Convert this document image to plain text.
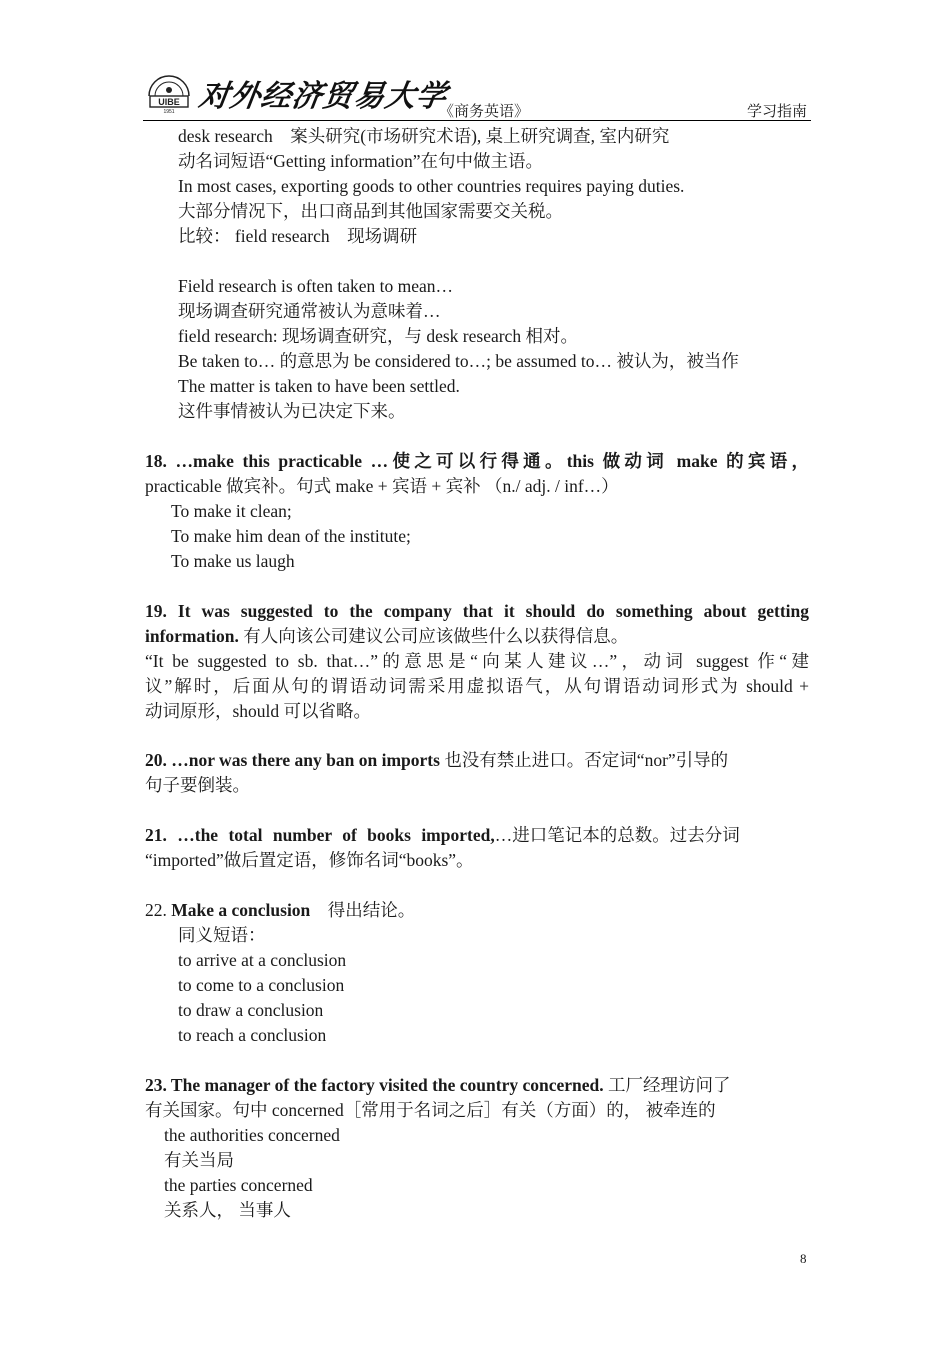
UIBE
1951 对外经济贸易大学
《商务英语》	学习指南
desk research　案头研究(市场研究术语), 桌上研究调查, 室内研究
动名词短语“Getting information”在句中做主语。
In most cases, exporting goods to other countries requires paying duties.
大部分情况下，出口商品到其他国家需要交关税。
比较： field research　现场调研
Field research is often taken to mean…
现场调查研究通常被认为意味着…
field research: 现场调查研究，与 desk research 相对。
Be taken to… 的意思为 be considered to…; be assumed to… 被认为，被当作
The matter is taken to have been settled.
这件事情被认为已决定下来。
18. …make this practicable …使之可以行得通。this 做动词 make 的宾语，
practicable 做宾补。句式 make + 宾语 + 宾补 （n./ adj. / inf…）
To make it clean;
To make him dean of the institute;
To make us laugh
19. It was suggested to the company that it should do something about getting
information. 有人向该公司建议公司应该做些什么以获得信息。
“It be suggested to sb. that…”的意思是“向某人建议…”，动词 suggest 作“建
议”解时，后面从句的谓语动词需采用虚拟语气，从句谓语动词形式为 should +
动词原形，should 可以省略。
20. …nor was there any ban on imports 也没有禁止进口。否定词“nor”引导的
句子要倒装。
21. …the total number of books imported,…进口笔记本的总数。过去分词
“imported”做后置定语，修饰名词“books”。
22. Make a conclusion　得出结论。
同义短语：
to arrive at a conclusion
to come to a conclusion
to draw a conclusion
to reach a conclusion
23. The manager of the factory visited the country concerned. 工厂经理访问了
有关国家。句中 concerned［常用于名词之后］有关（方面）的， 被牵连的
the authorities concerned
有关当局
the parties concerned
关系人， 当事人
8
